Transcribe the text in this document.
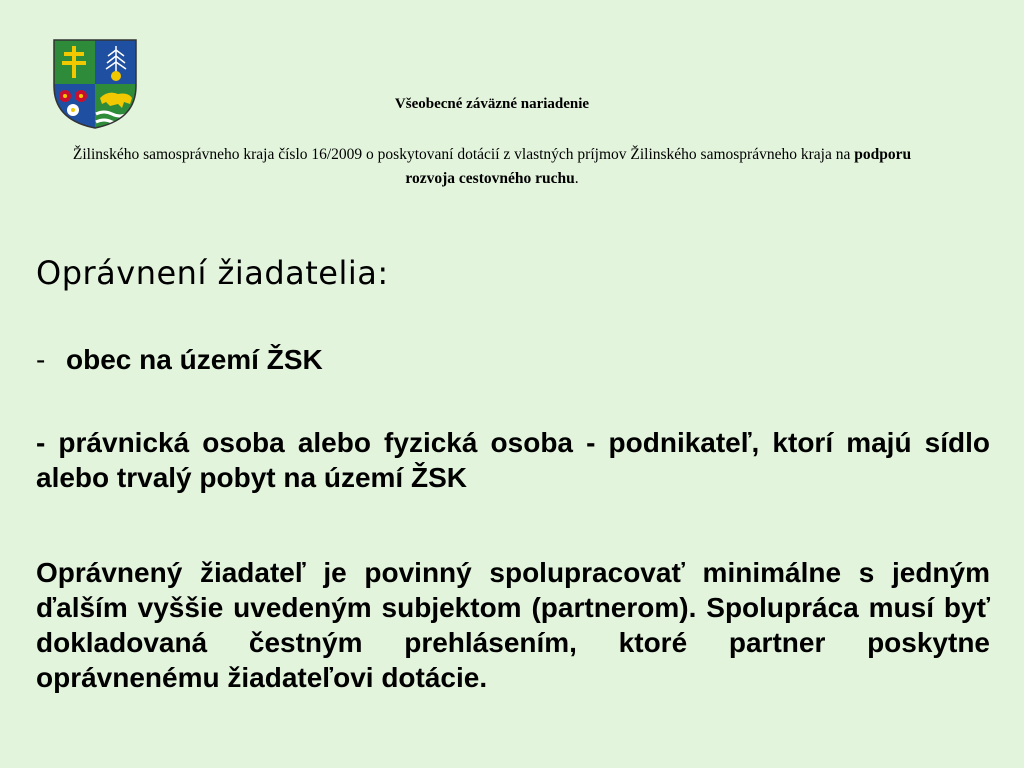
Všeobecné záväzné nariadenie
Žilinského samosprávneho kraja číslo 16/2009 o poskytovaní dotácií z vlastných príjmov Žilinského samosprávneho kraja na podporu rozvoja cestovného ruchu.
Oprávnení žiadatelia:
- obec na území ŽSK
- právnická osoba alebo fyzická osoba - podnikateľ, ktorí majú sídlo alebo trvalý pobyt na území ŽSK
Oprávnený žiadateľ je povinný spolupracovať minimálne s jedným ďalším vyššie uvedeným subjektom (partnerom). Spolupráca musí byť dokladovaná čestným prehlásením, ktoré partner poskytne oprávnenému žiadateľovi dotácie.
